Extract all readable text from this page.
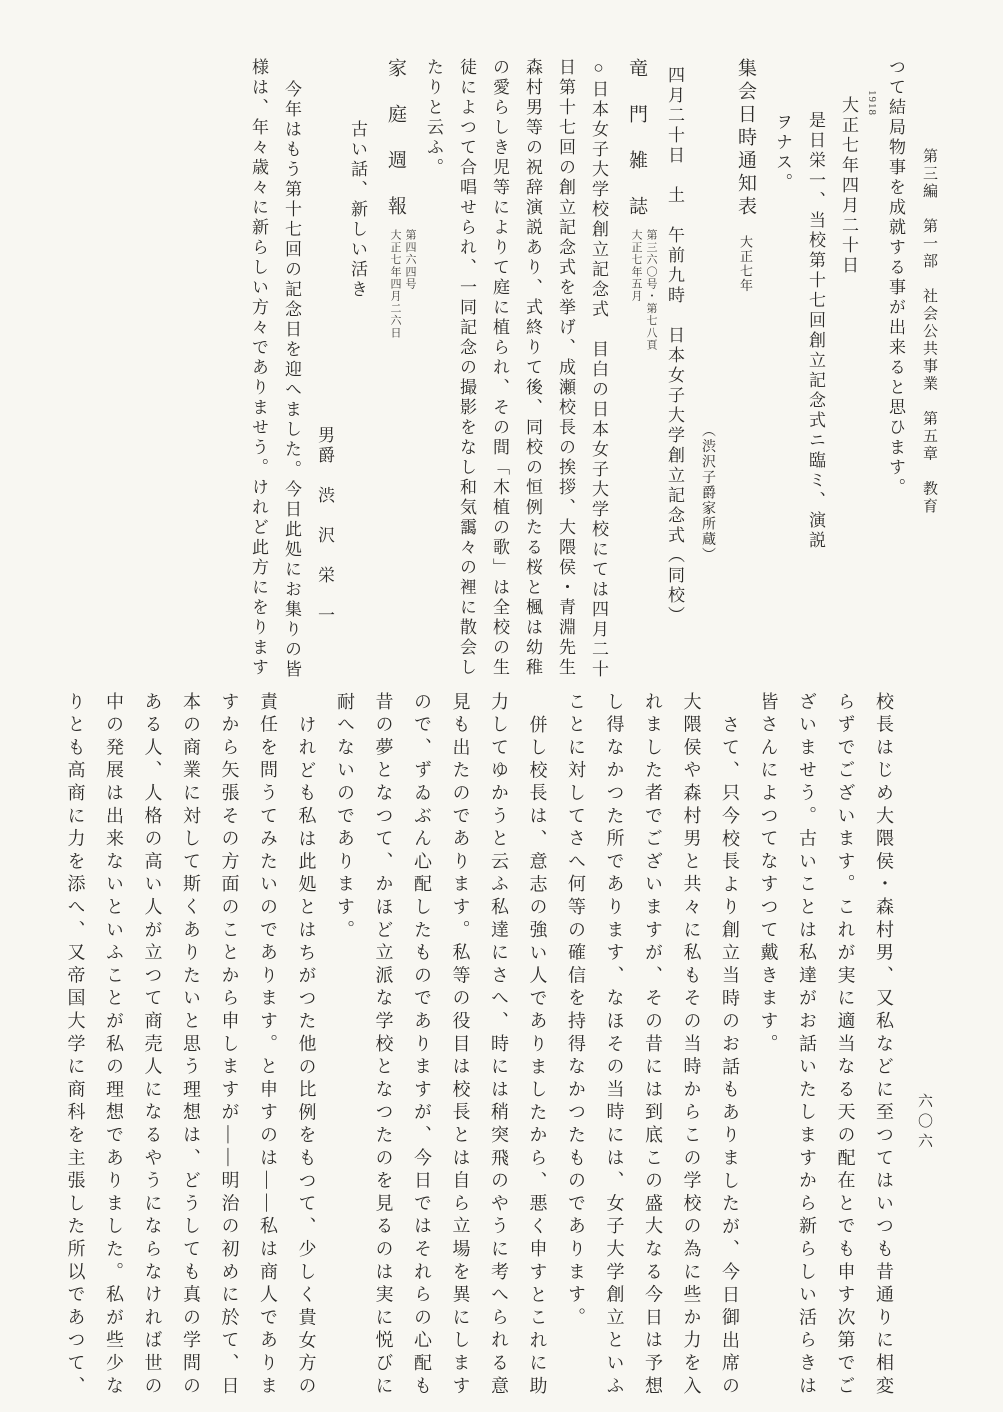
第三編　第一部　社会公共事業　第五章　教育
つて結局物事を成就する事が出来ると思ひます。
1918
大正七年四月二十日
是日栄一、当校第十七回創立記念式ニ臨ミ、演説
ヲナス。
集会日時通知表大正七年
（渋沢子爵家所蔵）
四月二十日　土　午前九時　日本女子大学創立記念式（同校）
竜　門　雑　誌
第三六〇号・第七八頁
大正七年五月
○日本女子大学校創立記念式　目白の日本女子大学校にては四月二十
日第十七回の創立記念式を挙げ、成瀬校長の挨拶、大隈侯・青淵先生
森村男等の祝辞演説あり、式終りて後、同校の恒例たる桜と楓は幼稚
の愛らしき児等によりて庭に植られ、その間「木植の歌」は全校の生
徒によつて合唱せられ、一同記念の撮影をなし和気靄々の裡に散会し
たりと云ふ。
家　庭　週　報
第四六四号
大正七年四月二六日
古い話、新しい活き
男爵　渋　沢　栄　一
今年はもう第十七回の記念日を迎へました。今日此処にお集りの皆
様は、年々歳々に新らしい方々でありませう。けれど此方にをります
六〇六
校長はじめ大隈侯・森村男、又私などに至つてはいつも昔通りに相変
らずでございます。これが実に適当なる天の配在とでも申す次第でご
ざいませう。古いことは私達がお話いたしますから新らしい活らきは
皆さんによつてなすつて戴きます。
さて、只今校長より創立当時のお話もありましたが、今日御出席の
大隈侯や森村男と共々に私もその当時からこの学校の為に些か力を入
れました者でございますが、その昔には到底この盛大なる今日は予想
し得なかつた所であります、なほその当時には、女子大学創立といふ
ことに対してさへ何等の確信を持得なかつたものであります。
併し校長は、意志の強い人でありましたから、悪く申すとこれに助
力してゆかうと云ふ私達にさへ、時には稍突飛のやうに考へられる意
見も出たのであります。私等の役目は校長とは自ら立場を異にします
ので、ずゐぶん心配したものでありますが、今日ではそれらの心配も
昔の夢となつて、かほど立派な学校となつたのを見るのは実に悦びに
耐へないのであります。
けれども私は此処とはちがつた他の比例をもつて、少しく貴女方の
責任を問うてみたいのであります。と申すのは——私は商人でありま
すから矢張その方面のことから申しますが——明治の初めに於て、日
本の商業に対して斯くありたいと思う理想は、どうしても真の学問の
ある人、人格の高い人が立つて商売人になるやうにならなければ世の
中の発展は出来ないといふことが私の理想でありました。私が些少な
りとも高商に力を添へ、又帝国大学に商科を主張した所以であつて、
